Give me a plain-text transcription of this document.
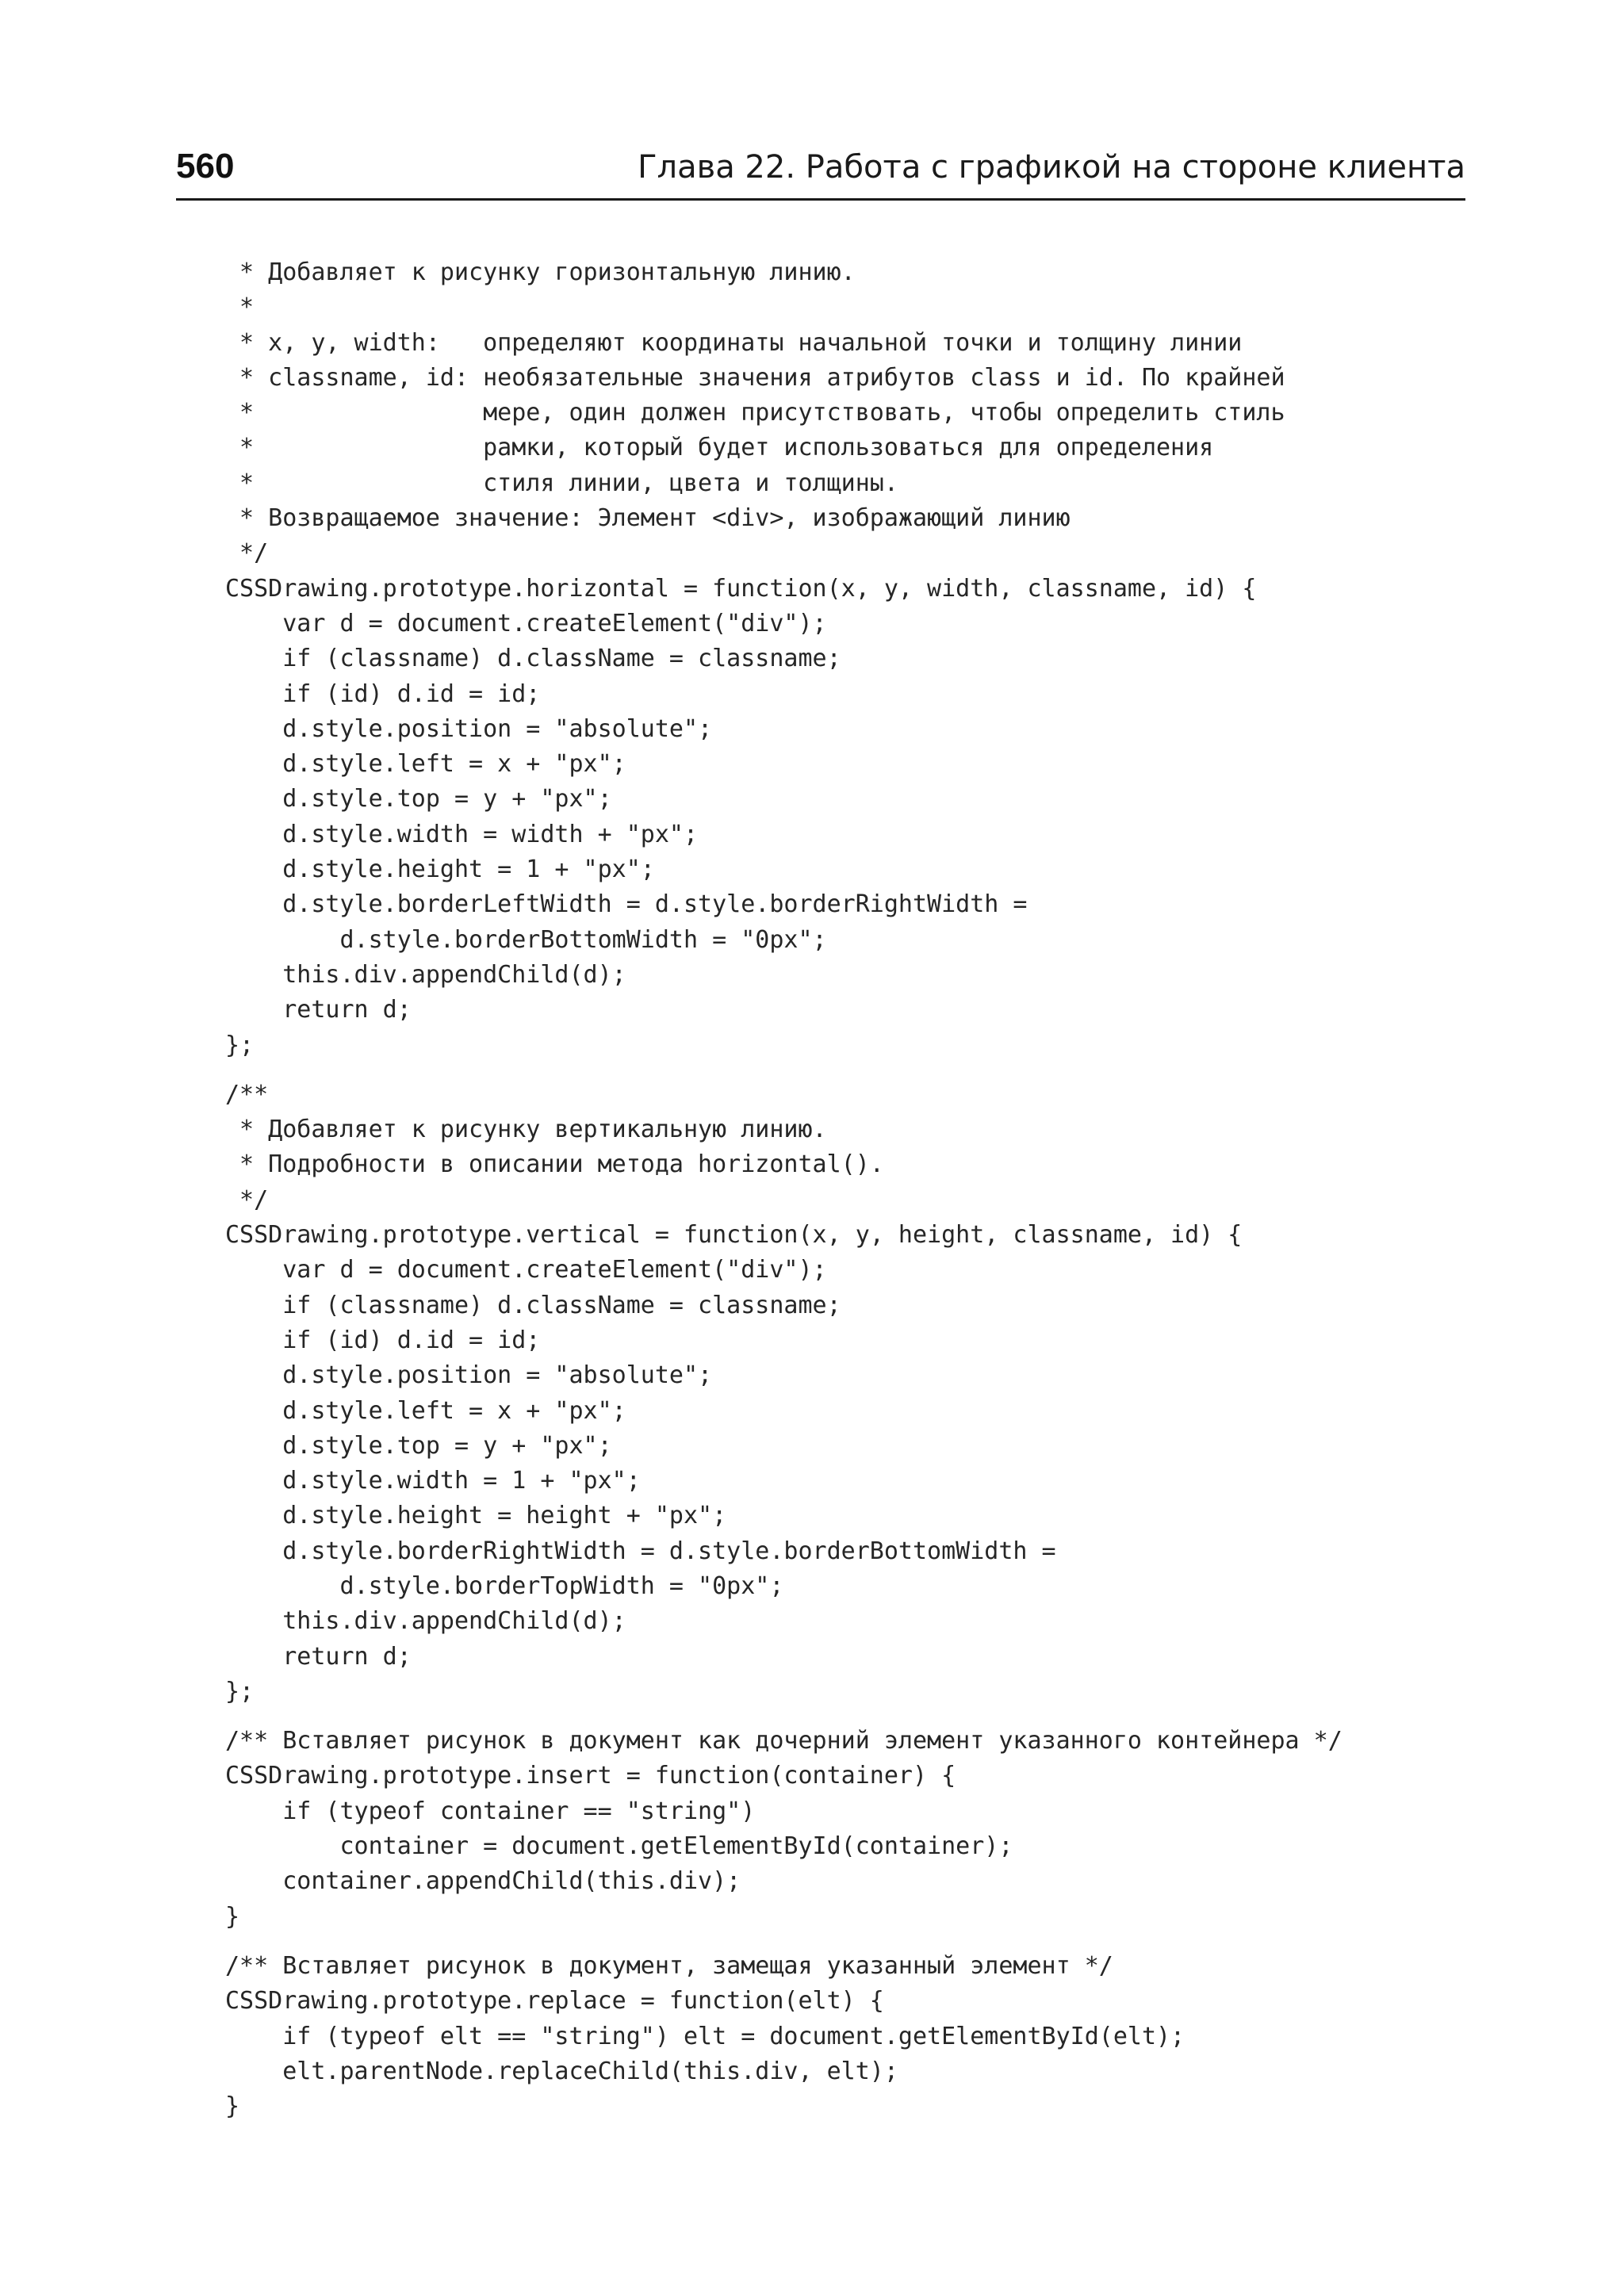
560	Глава 22. Работа с графикой на стороне клиента
* Добавляет к рисунку горизонтальную линию.
*
* x, y, width:   определяют координаты начальной точки и толщину линии
* classname, id: необязательные значения атрибутов class и id. По крайней
*                мере, один должен присутствовать, чтобы определить стиль
*                рамки, который будет использоваться для определения
*                стиля линии, цвета и толщины.
* Возвращаемое значение: Элемент <div>, изображающий линию
*/
CSSDrawing.prototype.horizontal = function(x, y, width, classname, id) {
var d = document.createElement("div");
if (classname) d.className = classname;
if (id) d.id = id;
d.style.position = "absolute";
d.style.left = x + "px";
d.style.top = y + "px";
d.style.width = width + "px";
d.style.height = 1 + "px";
d.style.borderLeftWidth = d.style.borderRightWidth =
d.style.borderBottomWidth = "0px";
this.div.appendChild(d);
return d;
};
/**
* Добавляет к рисунку вертикальную линию.
* Подробности в описании метода horizontal().
*/
CSSDrawing.prototype.vertical = function(x, y, height, classname, id) {
var d = document.createElement("div");
if (classname) d.className = classname;
if (id) d.id = id;
d.style.position = "absolute";
d.style.left = x + "px";
d.style.top = y + "px";
d.style.width = 1 + "px";
d.style.height = height + "px";
d.style.borderRightWidth = d.style.borderBottomWidth =
d.style.borderTopWidth = "0px";
this.div.appendChild(d);
return d;
};
/** Вставляет рисунок в документ как дочерний элемент указанного контейнера */
CSSDrawing.prototype.insert = function(container) {
if (typeof container == "string")
container = document.getElementById(container);
container.appendChild(this.div);
}
/** Вставляет рисунок в документ, замещая указанный элемент */
CSSDrawing.prototype.replace = function(elt) {
if (typeof elt == "string") elt = document.getElementById(elt);
elt.parentNode.replaceChild(this.div, elt);
}
